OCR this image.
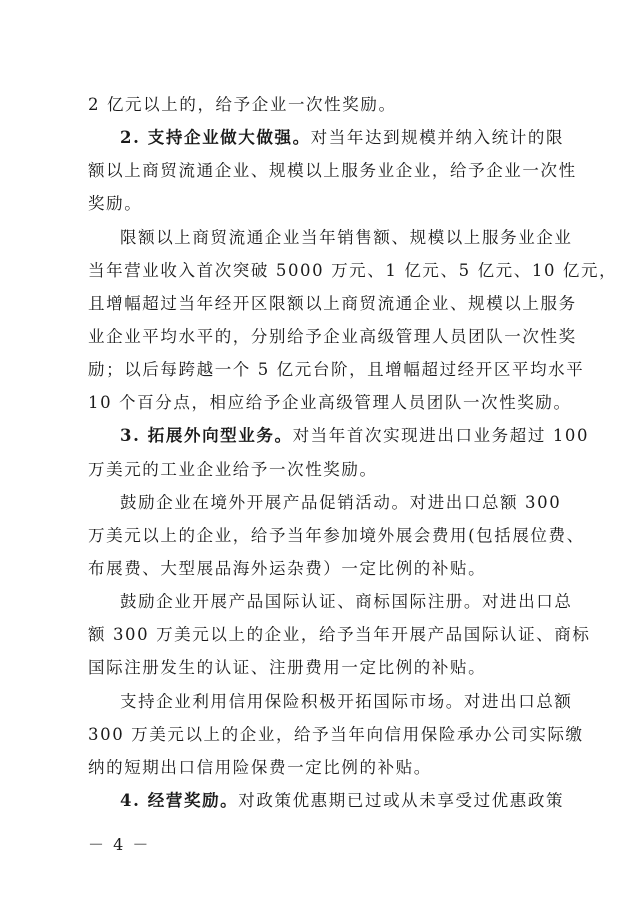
2 亿元以上的，给予企业一次性奖励。
2. 支持企业做大做强。对当年达到规模并纳入统计的限
额以上商贸流通企业、规模以上服务业企业，给予企业一次性
奖励。
限额以上商贸流通企业当年销售额、规模以上服务业企业
当年营业收入首次突破 5000 万元、1 亿元、5 亿元、10 亿元，
且增幅超过当年经开区限额以上商贸流通企业、规模以上服务
业企业平均水平的，分别给予企业高级管理人员团队一次性奖
励；以后每跨越一个 5 亿元台阶，且增幅超过经开区平均水平
10 个百分点，相应给予企业高级管理人员团队一次性奖励。
3. 拓展外向型业务。对当年首次实现进出口业务超过 100
万美元的工业企业给予一次性奖励。
鼓励企业在境外开展产品促销活动。对进出口总额 300
万美元以上的企业，给予当年参加境外展会费用(包括展位费、
布展费、大型展品海外运杂费）一定比例的补贴。
鼓励企业开展产品国际认证、商标国际注册。对进出口总
额 300 万美元以上的企业，给予当年开展产品国际认证、商标
国际注册发生的认证、注册费用一定比例的补贴。
支持企业利用信用保险积极开拓国际市场。对进出口总额
300 万美元以上的企业，给予当年向信用保险承办公司实际缴
－ 4 －
纳的短期出口信用险保费一定比例的补贴。
4. 经营奖励。对政策优惠期已过或从未享受过优惠政策
